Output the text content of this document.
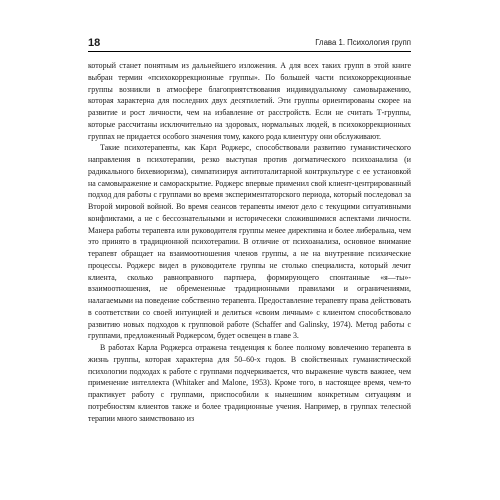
18	Глава 1. Психология групп

который станет понятным из дальнейшего изложения. А для всех таких групп в этой книге выбран термин «психокоррекционные группы». По большей части психокоррекционные группы возникли в атмосфере благоприятствования индивидуальному самовыражению, которая характерна для последних двух десятилетий. Эти группы ориентированы скорее на развитие и рост личности, чем на избавление от расстройств. Если не считать Т-группы, которые рассчитаны исключительно на здоровых, нормальных людей, в психокоррекционных группах не придается особого значения тому, какого рода клиентуру они обслуживают.

Такие психотерапевты, как Карл Роджерс, способствовали развитию гуманистического направления в психотерапии, резко выступая против догматического психоанализа (и радикального бихевиоризма), симпатизируя антитоталитарной контркультуре с ее установкой на самовыражение и самораскрытие. Роджерс впервые применил свой клиент-центрированный подход для работы с группами во время экспериментаторского периода, который последовал за Второй мировой войной. Во время сеансов терапевты имеют дело с текущими ситуативными конфликтами, а не с бессознательными и историчесеки сложившимися аспектами личности. Манера работы терапевта или руководителя группы менее директивна и более либеральна, чем это принято в традиционной психотерапии. В отличие от психоанализа, основное внимание терапевт обращает на взаимоотношения членов группы, а не на внутренние психические процессы. Роджерс видел в руководителе группы не столько специалиста, который лечит клиента, сколько равноправного партнера, формирующего спонтанные «я—ты»-взаимоотношения, не обремененные традиционными правилами и ограничениями, налагаемыми на поведение собственно терапевта. Предоставление терапевту права действовать в соответствии со своей интуицией и делиться «своим личным» с клиентом способствовало развитию новых подходов к групповой работе (Schaffer and Galinsky, 1974). Метод работы с группами, предложенный Роджерсом, будет освещен в главе 3.

В работах Карла Роджерса отражена тенденция к более полному вовлечению терапевта в жизнь группы, которая характерна для 50–60-х годов. В свойственных гуманистической психологии подходах к работе с группами подчеркивается, что выражение чувств важнее, чем применение интеллекта (Whitaker and Malone, 1953). Кроме того, в настоящее время, чем-то практикует работу с группами, приспособили к нынешним конкретным ситуациям и потребностям клиентов также и более традиционные учения. Например, в группах телесной терапии много заимствовано из
